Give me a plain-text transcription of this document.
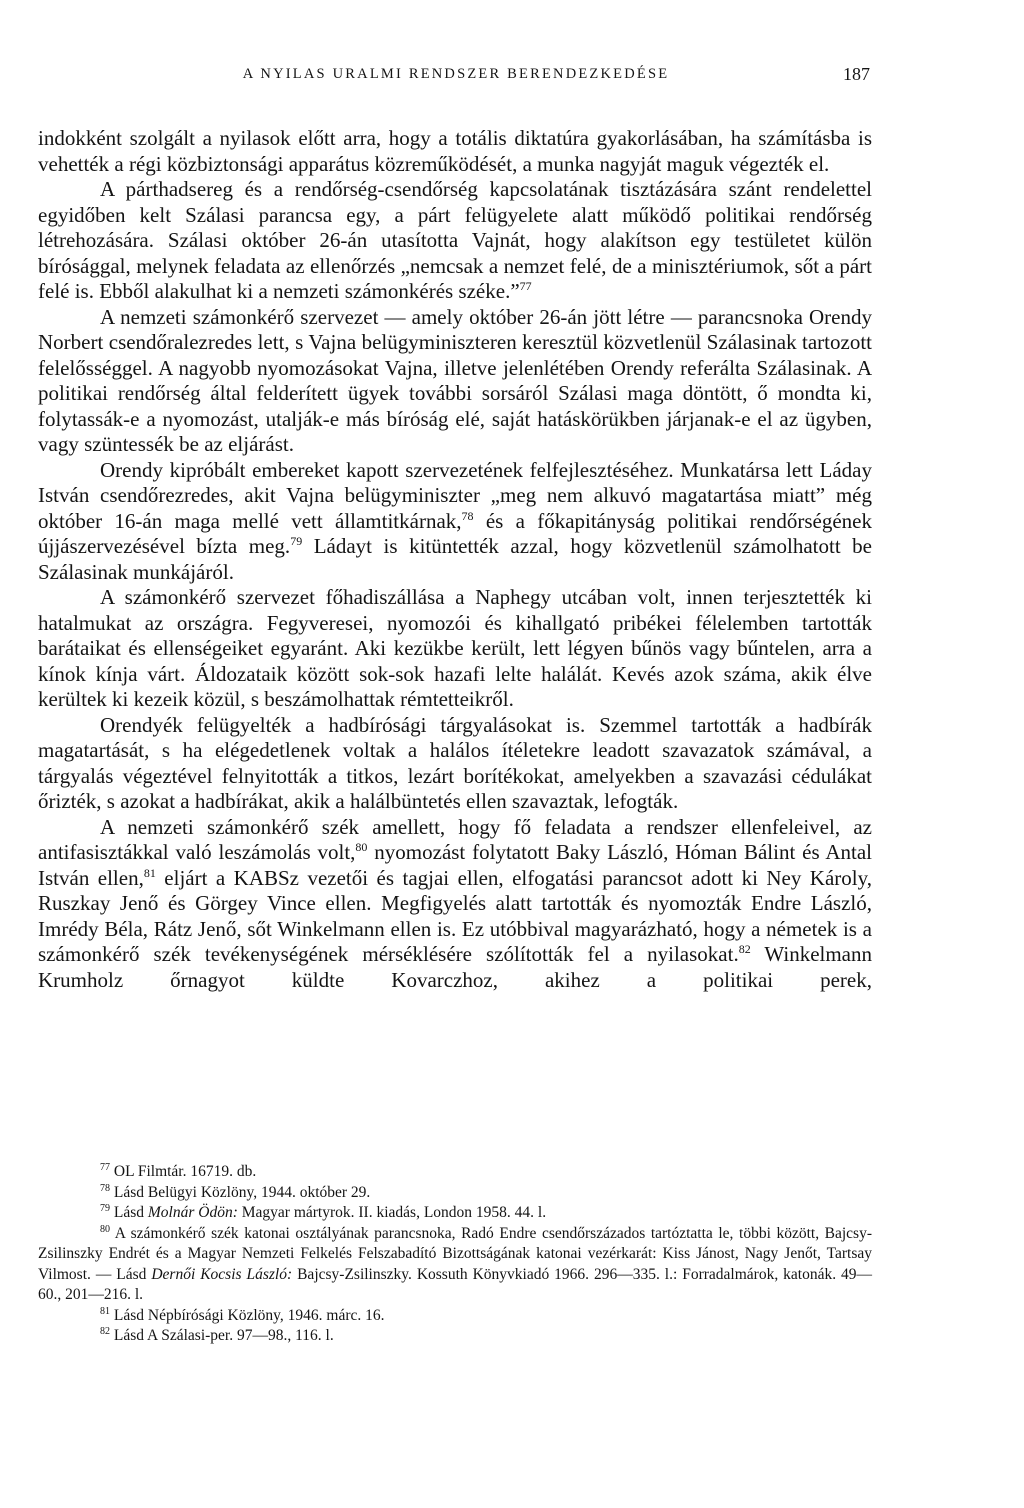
A NYILAS URALMI RENDSZER BERENDEZKEDÉSE	187

indokként szolgált a nyilasok előtt arra, hogy a totális diktatúra gyakorlásában, ha számításba is vehették a régi közbiztonsági apparátus közreműködését, a munka nagyját maguk végezték el.

A párthadsereg és a rendőrség-csendőrség kapcsolatának tisztázására szánt rendelettel egyidőben kelt Szálasi parancsa egy, a párt felügyelete alatt működő politikai rendőrség létrehozására. Szálasi október 26-án utasította Vajnát, hogy alakítson egy testületet külön bírósággal, melynek feladata az ellenőrzés „nemcsak a nemzet felé, de a minisztériumok, sőt a párt felé is. Ebből alakulhat ki a nemzeti számonkérés széke.”$^{77}$

A nemzeti számonkérő szervezet — amely október 26-án jött létre — parancsnoka Orendy Norbert csendőralezredes lett, s Vajna belügyminiszteren keresztül közvetlenül Szálasinak tartozott felelősséggel. A nagyobb nyomozásokat Vajna, illetve jelenlétében Orendy referálta Szálasinak. A politikai rendőrség által felderített ügyek további sorsáról Szálasi maga döntött, ő mondta ki, folytassák-e a nyomozást, utalják-e más bíróság elé, saját hatáskörükben járjanak-e el az ügyben, vagy szüntessék be az eljárást.

Orendy kipróbált embereket kapott szervezetének felfejlesztéséhez. Munkatársa lett Láday István csendőrezredes, akit Vajna belügyminiszter „meg nem alkuvó magatartása miatt” még október 16-án maga mellé vett államtitkárnak,$^{78}$ és a főkapitányság politikai rendőrségének újjászervezésével bízta meg.$^{79}$ Ládayt is kitüntették azzal, hogy közvetlenül számolhatott be Szálasinak munkájáról.

A számonkérő szervezet főhadiszállása a Naphegy utcában volt, innen terjesztették ki hatalmukat az országra. Fegyveresei, nyomozói és kihallgató pribékei félelemben tartották barátaikat és ellenségeiket egyaránt. Aki kezükbe került, lett légyen bűnös vagy bűntelen, arra a kínok kínja várt. Áldozataik között sok-sok hazafi lelte halálát. Kevés azok száma, akik élve kerültek ki kezeik közül, s beszámolhattak rémtetteikről.

Orendyék felügyelték a hadbírósági tárgyalásokat is. Szemmel tartották a hadbírák magatartását, s ha elégedetlenek voltak a halálos ítéletekre leadott szavazatok számával, a tárgyalás végeztével felnyitották a titkos, lezárt borítékokat, amelyekben a szavazási cédulákat őrizték, s azokat a hadbírákat, akik a halálbüntetés ellen szavaztak, lefogták.

A nemzeti számonkérő szék amellett, hogy fő feladata a rendszer ellenfeleivel, az antifasisztákkal való leszámolás volt,$^{80}$ nyomozást folytatott Baky László, Hóman Bálint és Antal István ellen,$^{81}$ eljárt a KABSz vezetői és tagjai ellen, elfogatási parancsot adott ki Ney Károly, Ruszkay Jenő és Görgey Vince ellen. Megfigyelés alatt tartották és nyomozták Endre László, Imrédy Béla, Rátz Jenő, sőt Winkelmann ellen is. Ez utóbbival magyarázható, hogy a németek is a számonkérő szék tevékenységének mérséklésére szólították fel a nyilasokat.$^{82}$ Winkelmann Krumholz őrnagyot küldte Kovarczhoz, akihez a politikai perek,

$^{77}$ OL Filmtár. 16719. db.

$^{78}$ Lásd Belügyi Közlöny, 1944. október 29.

$^{79}$ Lásd Molnár Ödön: Magyar mártyrok. II. kiadás, London 1958. 44. l.

$^{80}$ A számonkérő szék katonai osztályának parancsnoka, Radó Endre csendőrszázados tartóztatta le, többi között, Bajcsy-Zsilinszky Endrét és a Magyar Nemzeti Felkelés Felszabadító Bizottságának katonai vezérkarát: Kiss Jánost, Nagy Jenőt, Tartsay Vilmost. — Lásd Dernői Kocsis László: Bajcsy-Zsilinszky. Kossuth Könyvkiadó 1966. 296—335. l.: Forradalmárok, katonák. 49—60., 201—216. l.

$^{81}$ Lásd Népbírósági Közlöny, 1946. márc. 16.

$^{82}$ Lásd A Szálasi-per. 97—98., 116. l.
